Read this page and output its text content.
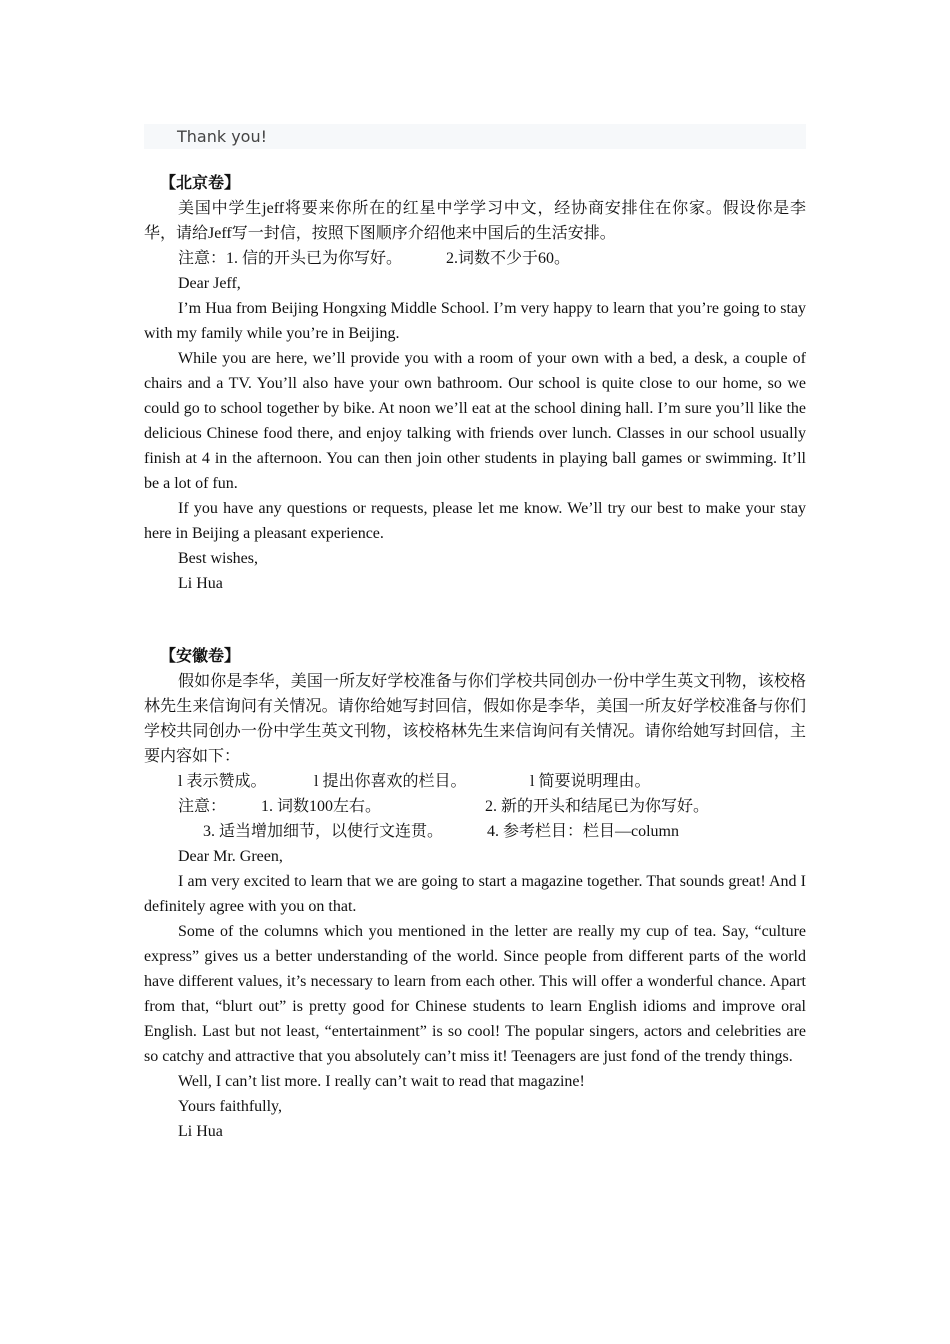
Thank you!
【北京卷】

美国中学生jeff将要来你所在的红星中学学习中文，经协商安排住在你家。假设你是李华，请给Jeff写一封信，按照下图顺序介绍他来中国后的生活安排。

注意：1. 信的开头已为你写好。

	2.词数不少于60。

Dear Jeff,

I’m Hua from Beijing Hongxing Middle School. I’m very happy to learn that you’re going to stay with my family while you’re in Beijing.

While you are here, we’ll provide you with a room of your own with a bed, a desk, a couple of chairs and a TV. You’ll also have your own bathroom. Our school is quite close to our home, so we could go to school together by bike. At noon we’ll eat at the school dining hall. I’m sure you’ll like the delicious Chinese food there, and enjoy talking with friends over lunch. Classes in our school usually finish at 4 in the afternoon. You can then join other students in playing ball games or swimming. It’ll be a lot of fun.

If you have any questions or requests, please let me know. We’ll try our best to make your stay here in Beijing a pleasant experience.

Best wishes,
Li Hua
【安徽卷】

假如你是李华，美国一所友好学校准备与你们学校共同创办一份中学生英文刊物，该校格林先生来信询问有关情况。请你给她写封回信，假如你是李华，美国一所友好学校准备与你们学校共同创办一份中学生英文刊物，该校格林先生来信询问有关情况。请你给她写封回信，主要内容如下：

l 表示赞成。

	l 提出你喜欢的栏目。

	l 简要说明理由。

注意：

1. 词数100左右。

	2. 新的开头和结尾已为你写好。

3. 适当增加细节，以使行文连贯。

	4. 参考栏目：栏目—column

Dear Mr. Green,

I am very excited to learn that we are going to start a magazine together. That sounds great! And I definitely agree with you on that.

Some of the columns which you mentioned in the letter are really my cup of tea. Say, “culture express” gives us a better understanding of the world. Since people from different parts of the world have different values, it’s necessary to learn from each other. This will offer a wonderful chance. Apart from that, “blurt out” is pretty good for Chinese students to learn English idioms and improve oral English. Last but not least, “entertainment” is so cool! The popular singers, actors and celebrities are so catchy and attractive that you absolutely can’t miss it! Teenagers are just fond of the trendy things.

Well, I can’t list more. I really can’t wait to read that magazine!
Yours faithfully,
Li Hua
